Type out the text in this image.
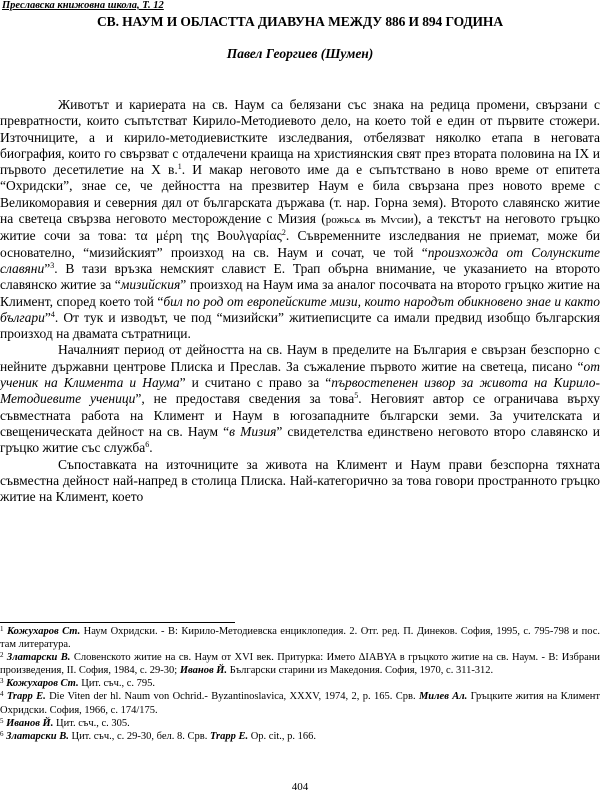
Преславска книжовна школа, Т. 12
СВ. НАУМ И ОБЛАСТТА ДИАВУНА МЕЖДУ 886 И 894 ГОДИНА
Павел Георгиев (Шумен)

Животът и кариерата на св. Наум са белязани със знака на редица промени, свързани с превратности, които съпътстват Кирило-Методиевото дело, на което той е един от първите стожери. Източниците, а и кирило-методиевистките изследвания, отбелязват няколко етапа в неговата биография, които го свързват с отдалечени краища на християнския свят през втората половина на IX и първото десетилетие на X в.$^1$. И макар неговото име да е съпътствано в ново време от епитета “Охридски”, знае се, че дейността на презвитер Наум е била свързана през новото време с Великоморавия и северния дял от българската държава (т. нар. Горна земя). Второто славянско житие на светеца свързва неговото месторождение с Мизия (рожьсѧ въ Мѵсии), а текстът на неговото гръцко житие сочи за това: τα μέρη της Βουλγαρίας$^2$. Съвременните изследвания не приемат, може би основателно, “мизийският” произход на св. Наум и сочат, че той “произхожда от Солунските славяни”$^3$. В тази връзка немският славист Е. Трап обърна внимание, че указанието на второто славянско житие за “мизийския” произход на Наум има за аналог посочвата на второто гръцко житие на Климент, според което той “бил по род от европейските мизи, които народът обикновено знае и както българи”$^4$. От тук и изводът, че под “мизийски” житиеписците са имали предвид изобщо българския произход на двамата сътратници.

Началният период от дейността на св. Наум в пределите на България е свързан безспорно с нейните държавни центрове Плиска и Преслав. За съжаление първото житие на светеца, писано “от ученик на Климента и Наума” и считано с право за “първостепенен извор за живота на Кирило-Методиевите ученици”, не предоставя сведения за това$^5$. Неговият автор се ограничава върху съвместната работа на Климент и Наум в югозападните български земи. За учителската и свещеническата дейност на св. Наум “в Мизия” свидетелства единствено неговото второ славянско и гръцко житие със служба$^6$.

Съпоставката на източниците за живота на Климент и Наум прави безспорна тяхната съвместна дейност най-напред в столица Плиска. Най-категорично за това говори пространното гръцко житие на Климент, което

$^1$ Кожухаров Ст. Наум Охридски. - В: Кирило-Методиевска енциклопедия. 2. Отг. ред. П. Динеков. София, 1995, с. 795-798 и пос. там литература.

$^2$ Златарски В. Словенското житие на св. Наум от XVI век. Притурка: Името ΔΙΑΒΥΑ в гръцкото житие на св. Наум. - В: Избрани произведения, II. София, 1984, с. 29-30; Иванов Й. Български старини из Македония. София, 1970, с. 311-312.

$^3$ Кожухаров Ст. Цит. съч., с. 795.

$^4$ Trapp E. Die Viten der hl. Naum von Ochrid.- Byzantinoslavica, XXXV, 1974, 2, p. 165. Срв. Милев Ал. Гръцките жития на Климент Охридски. София, 1966, с. 174/175.

$^5$ Иванов Й. Цит. съч., с. 305.

$^6$ Златарски В. Цит. съч., с. 29-30, бел. 8. Срв. Trapp E. Op. cit., p. 166.

404
